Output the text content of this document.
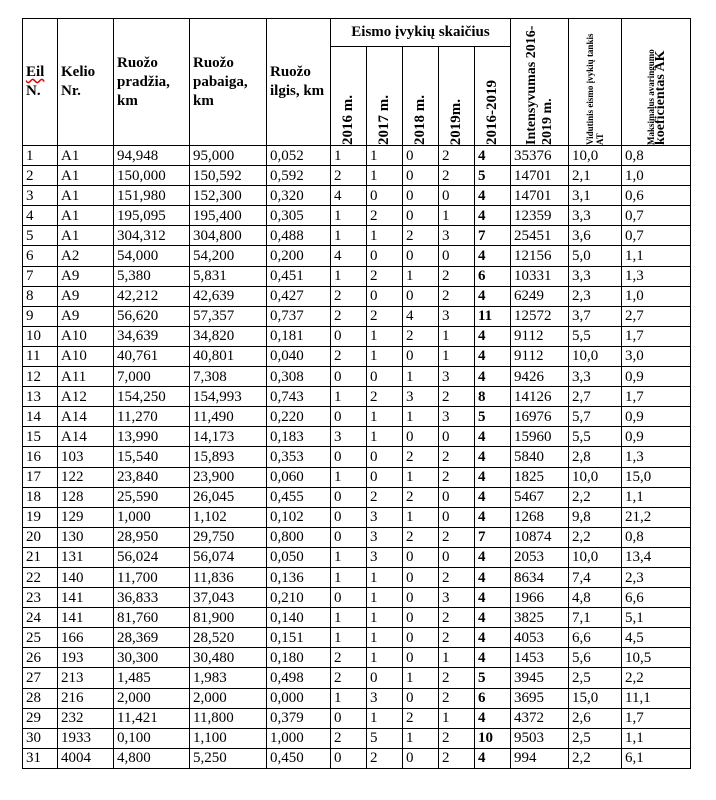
Eil
N.	Kelio Nr.	Ruožo pradžia, km	Ruožo pabaiga, km	Ruožo ilgis, km	Eismo įvykių skaičius					Intensyvumas 2016-2019 m.	Vidutinis eismo įvykių tankis AT	Maksimalus avaringumo koeficientas AK

					2016 m.	2017 m.	2018 m.	2019m.	2016-2019			

1	A1	94,948	95,000	0,052	1	1	0	2	4	35376	10,0	0,8
2	A1	150,000	150,592	0,592	2	1	0	2	5	14701	2,1	1,0
3	A1	151,980	152,300	0,320	4	0	0	0	4	14701	3,1	0,6
4	A1	195,095	195,400	0,305	1	2	0	1	4	12359	3,3	0,7
5	A1	304,312	304,800	0,488	1	1	2	3	7	25451	3,6	0,7
6	A2	54,000	54,200	0,200	4	0	0	0	4	12156	5,0	1,1
7	A9	5,380	5,831	0,451	1	2	1	2	6	10331	3,3	1,3
8	A9	42,212	42,639	0,427	2	0	0	2	4	6249	2,3	1,0
9	A9	56,620	57,357	0,737	2	2	4	3	11	12572	3,7	2,7
10	A10	34,639	34,820	0,181	0	1	2	1	4	9112	5,5	1,7
11	A10	40,761	40,801	0,040	2	1	0	1	4	9112	10,0	3,0
12	A11	7,000	7,308	0,308	0	0	1	3	4	9426	3,3	0,9
13	A12	154,250	154,993	0,743	1	2	3	2	8	14126	2,7	1,7
14	A14	11,270	11,490	0,220	0	1	1	3	5	16976	5,7	0,9
15	A14	13,990	14,173	0,183	3	1	0	0	4	15960	5,5	0,9
16	103	15,540	15,893	0,353	0	0	2	2	4	5840	2,8	1,3
17	122	23,840	23,900	0,060	1	0	1	2	4	1825	10,0	15,0
18	128	25,590	26,045	0,455	0	2	2	0	4	5467	2,2	1,1
19	129	1,000	1,102	0,102	0	3	1	0	4	1268	9,8	21,2
20	130	28,950	29,750	0,800	0	3	2	2	7	10874	2,2	0,8
21	131	56,024	56,074	0,050	1	3	0	0	4	2053	10,0	13,4
22	140	11,700	11,836	0,136	1	1	0	2	4	8634	7,4	2,3
23	141	36,833	37,043	0,210	0	1	0	3	4	1966	4,8	6,6
24	141	81,760	81,900	0,140	1	1	0	2	4	3825	7,1	5,1
25	166	28,369	28,520	0,151	1	1	0	2	4	4053	6,6	4,5
26	193	30,300	30,480	0,180	2	1	0	1	4	1453	5,6	10,5
27	213	1,485	1,983	0,498	2	0	1	2	5	3945	2,5	2,2
28	216	2,000	2,000	0,000	1	3	0	2	6	3695	15,0	11,1
29	232	11,421	11,800	0,379	0	1	2	1	4	4372	2,6	1,7
30	1933	0,100	1,100	1,000	2	5	1	2	10	9503	2,5	1,1
31	4004	4,800	5,250	0,450	0	2	0	2	4	994	2,2	6,1
